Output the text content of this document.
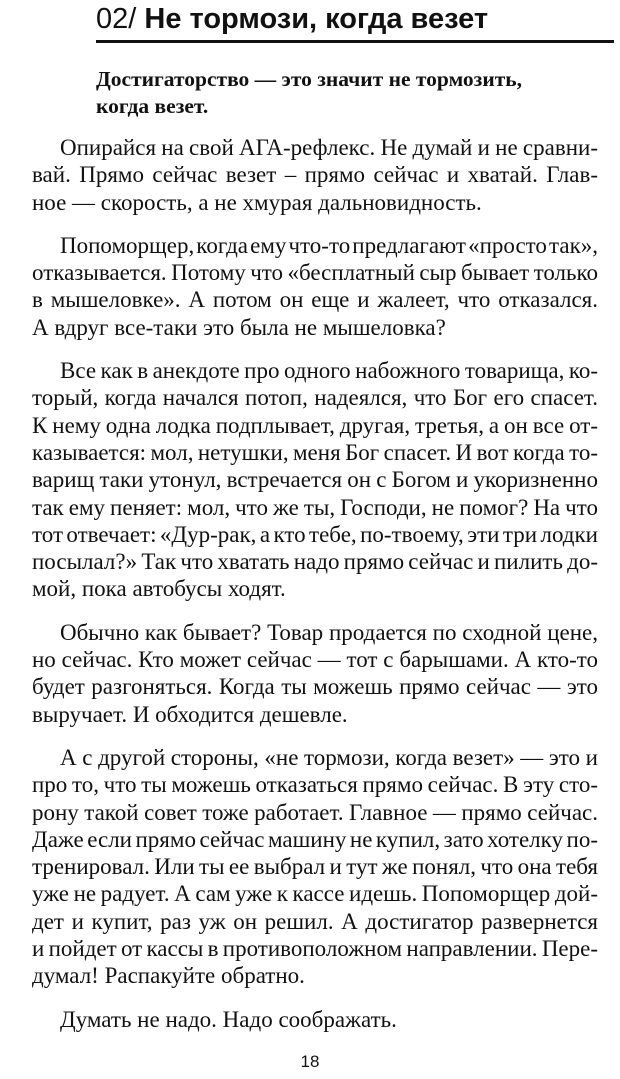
02/ Не тормози, когда везет
Достигаторство — это значит не тормозить,
когда везет.
Опирайся на свой АГА-рефлекс. Не думай и не сравни-
вай. Прямо сейчас везет – прямо сейчас и хватай. Глав-
ное — скорость, а не хмурая дальновидность.
Попоморщер, когда ему что-то предлагают «просто так»,
отказывается. Потому что «бесплатный сыр бывает только
в мышеловке». А потом он еще и жалеет, что отказался.
А вдруг все-таки это была не мышеловка?
Все как в анекдоте про одного набожного товарища, ко-
торый, когда начался потоп, надеялся, что Бог его спасет.
К нему одна лодка подплывает, другая, третья, а он все от-
казывается: мол, нетушки, меня Бог спасет. И вот когда то-
варищ таки утонул, встречается он с Богом и укоризненно
так ему пеняет: мол, что же ты, Господи, не помог? На что
тот отвечает: «Дур-рак, а кто тебе, по-твоему, эти три лодки
посылал?» Так что хватать надо прямо сейчас и пилить до-
мой, пока автобусы ходят.
Обычно как бывает? Товар продается по сходной цене,
но сейчас. Кто может сейчас — тот с барышами. А кто-то
будет разгоняться. Когда ты можешь прямо сейчас — это
выручает. И обходится дешевле.
А с другой стороны, «не тормози, когда везет» — это и
про то, что ты можешь отказаться прямо сейчас. В эту сто-
рону такой совет тоже работает. Главное — прямо сейчас.
Даже если прямо сейчас машину не купил, зато хотелку по-
тренировал. Или ты ее выбрал и тут же понял, что она тебя
уже не радует. А сам уже к кассе идешь. Попоморщер дой-
дет и купит, раз уж он решил. А достигатор развернется
и пойдет от кассы в противоположном направлении. Пере-
думал! Распакуйте обратно.
Думать не надо. Надо соображать.
18
